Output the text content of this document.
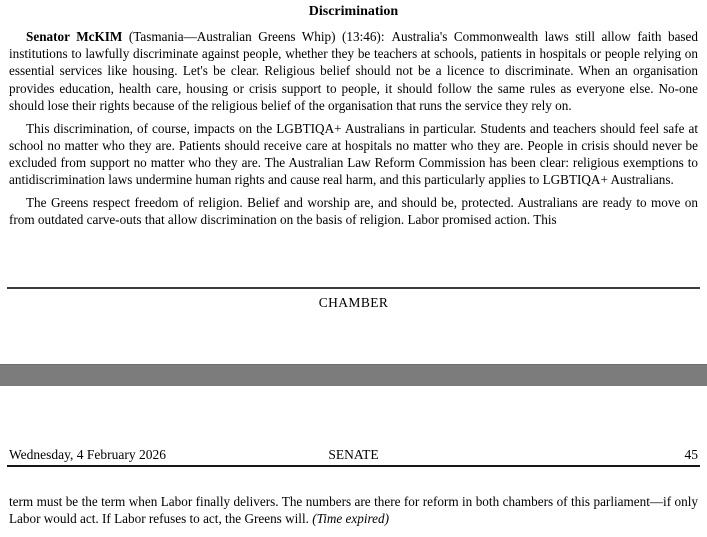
Discrimination

Senator McKIM (Tasmania—Australian Greens Whip) (13:46): Australia's Commonwealth laws still allow faith based institutions to lawfully discriminate against people, whether they be teachers at schools, patients in hospitals or people relying on essential services like housing. Let's be clear. Religious belief should not be a licence to discriminate. When an organisation provides education, health care, housing or crisis support to people, it should follow the same rules as everyone else. No-one should lose their rights because of the religious belief of the organisation that runs the service they rely on.

This discrimination, of course, impacts on the LGBTIQA+ Australians in particular. Students and teachers should feel safe at school no matter who they are. Patients should receive care at hospitals no matter who they are. People in crisis should never be excluded from support no matter who they are. The Australian Law Reform Commission has been clear: religious exemptions to antidiscrimination laws undermine human rights and cause real harm, and this particularly applies to LGBTIQA+ Australians.

The Greens respect freedom of religion. Belief and worship are, and should be, protected. Australians are ready to move on from outdated carve-outs that allow discrimination on the basis of religion. Labor promised action. This

CHAMBER
Wednesday, 4 February 2026	SENATE	45

term must be the term when Labor finally delivers. The numbers are there for reform in both chambers of this parliament—if only Labor would act. If Labor refuses to act, the Greens will. (Time expired)
